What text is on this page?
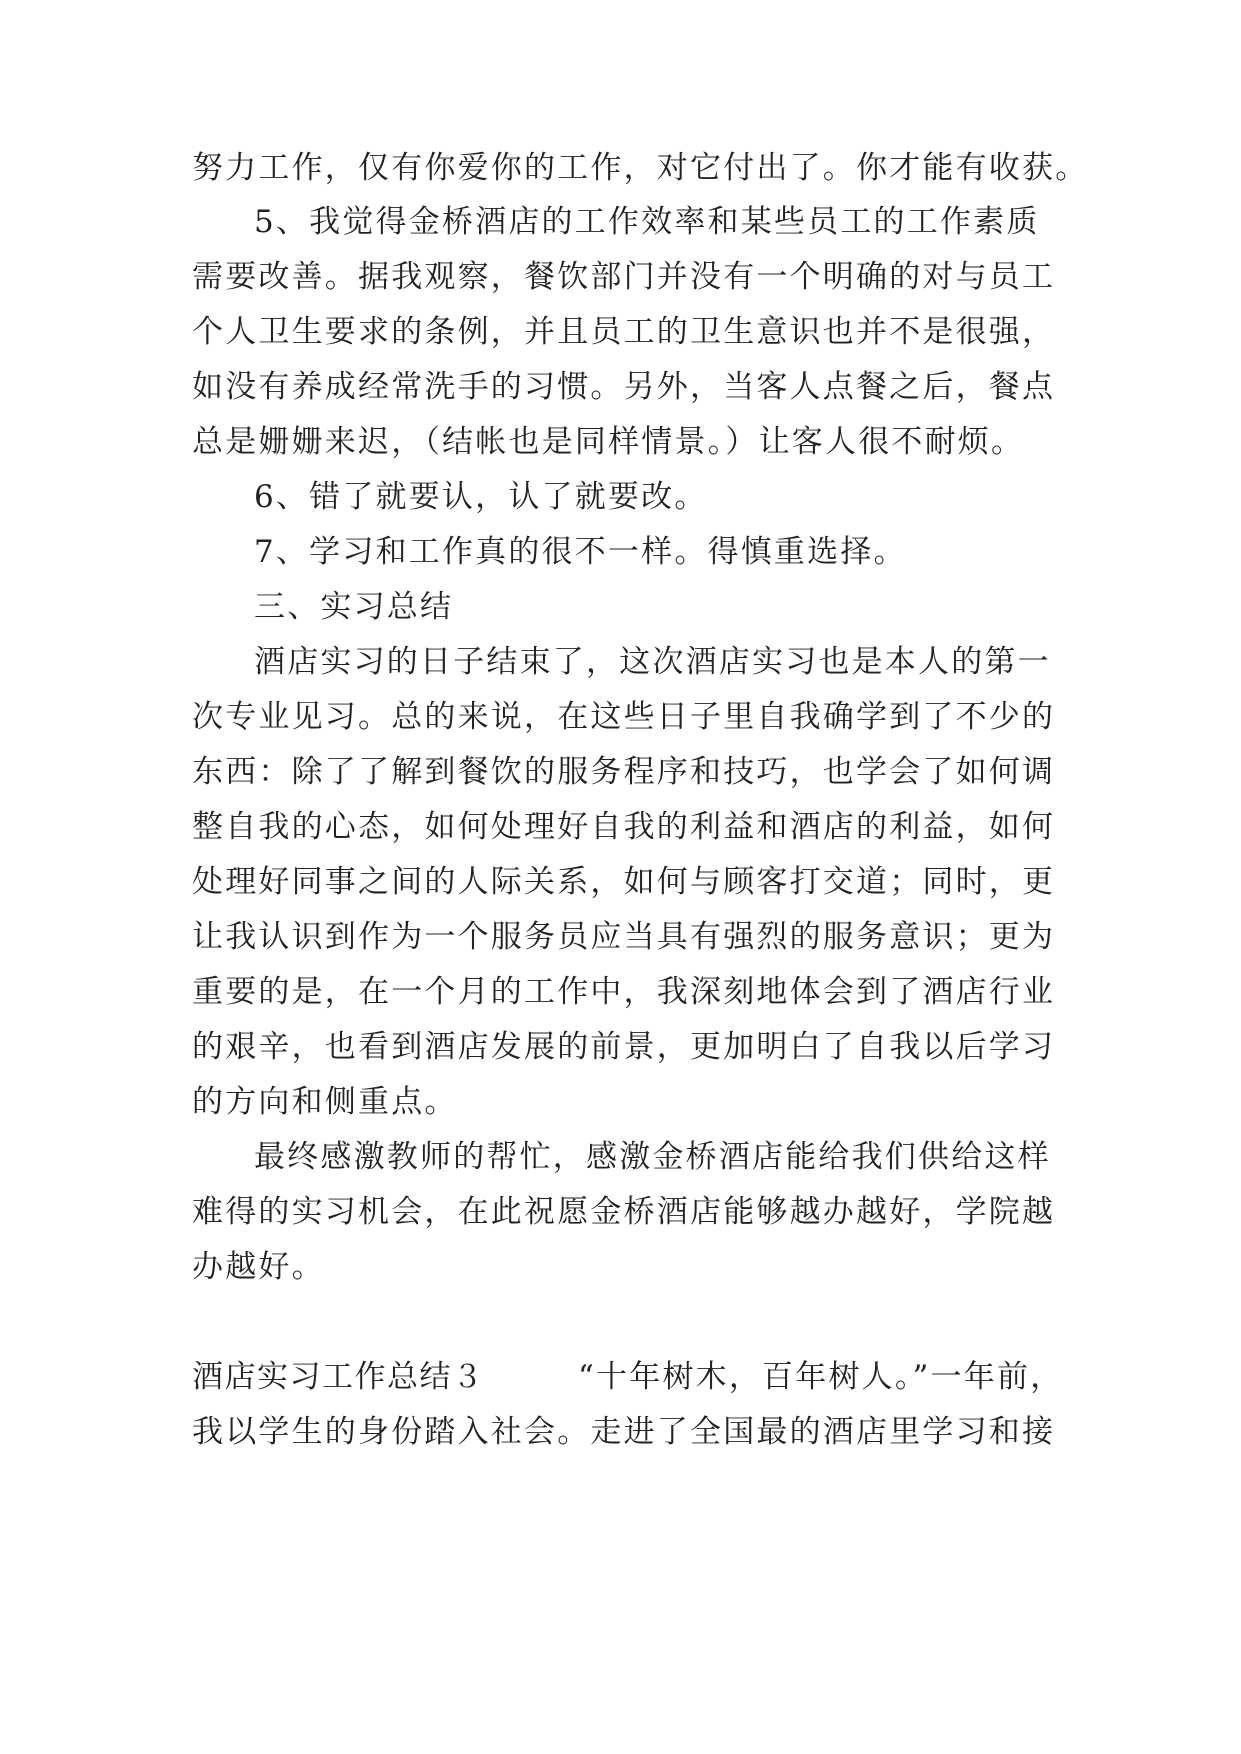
努力工作，仅有你爱你的工作，对它付出了。你才能有收获。
5、我觉得金桥酒店的工作效率和某些员工的工作素质
需要改善。据我观察，餐饮部门并没有一个明确的对与员工
个人卫生要求的条例，并且员工的卫生意识也并不是很强，
如没有养成经常洗手的习惯。另外，当客人点餐之后，餐点
总是姗姗来迟，（结帐也是同样情景。）让客人很不耐烦。
6、错了就要认，认了就要改。
7、学习和工作真的很不一样。得慎重选择。
三、实习总结
酒店实习的日子结束了，这次酒店实习也是本人的第一
次专业见习。总的来说，在这些日子里自我确学到了不少的
东西：除了了解到餐饮的服务程序和技巧，也学会了如何调
整自我的心态，如何处理好自我的利益和酒店的利益，如何
处理好同事之间的人际关系，如何与顾客打交道；同时，更
让我认识到作为一个服务员应当具有强烈的服务意识；更为
重要的是，在一个月的工作中，我深刻地体会到了酒店行业
的艰辛，也看到酒店发展的前景，更加明白了自我以后学习
的方向和侧重点。
最终感激教师的帮忙，感激金桥酒店能给我们供给这样
难得的实习机会，在此祝愿金桥酒店能够越办越好，学院越
办越好。
酒店实习工作总结３	“十年树木，百年树人。”一年前，
我以学生的身份踏入社会。走进了全国最的酒店里学习和接
